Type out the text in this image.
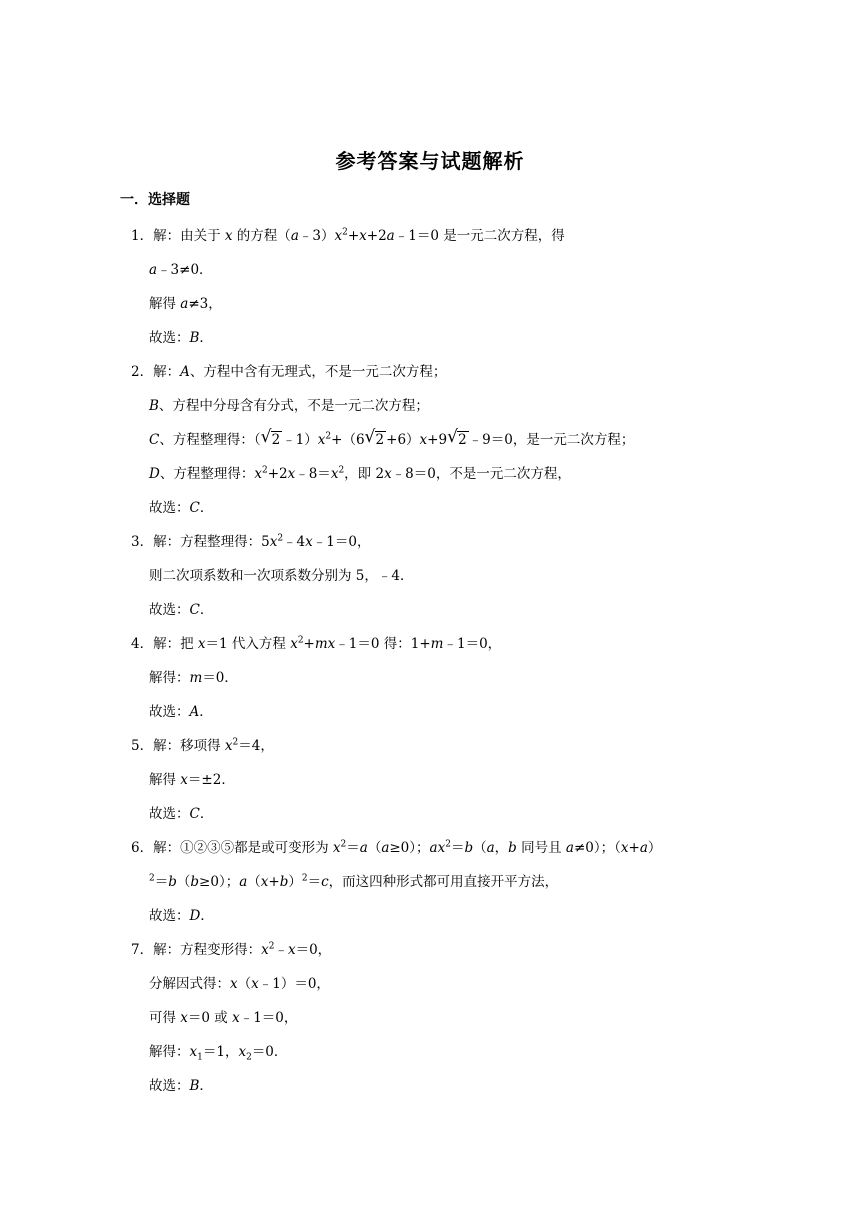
参考答案与试题解析
一．选择题
1．解：由关于 x 的方程$(a﹣3)x^2+x+2a﹣1=0$ 是一元二次方程，得
a﹣3≠0．
解得 a≠3，
故选：B．
2．解：A、方程中含有无理式，不是一元二次方程；
B、方程中分母含有分式，不是一元二次方程；
C、方程整理得：（ √ 2 $﹣1)x^2+(6$ √ 2 +6）x+9 √ 2 ﹣9＝0，是一元二次方程；
D、方程整理得：$x^2+2x﹣8=x^2$，即 2x﹣8＝0，不是一元二次方程，
故选：C．
3．解：方程整理得：$5x^2﹣4x﹣1=0$，
则二次项系数和一次项系数分别为 5，﹣4．
故选：C．
4．解：把 x＝1 代入方程 $x^2+mx﹣1=0$ 得：1+m﹣1＝0，
解得：m＝0．
故选：A．
5．解：移项得 $x^2=4$，
解得 x＝±2．
故选：C．
6．解：①②③⑤都是或可变形为 $x^2=a(a\ge 0)$；$ax^2=b(a$，b 同号且 a≠0）；（x+a）
$^2$＝b（b≥0）；$a(x+b)^2=c$，而这四种形式都可用直接开平方法，
故选：D．
7．解：方程变形得：$x^2﹣x=0$，
分解因式得：x（x﹣1）＝0，
可得 x＝0 或 x﹣1＝0，
解得：$x_1=1$，$x_2=0$．
故选：B．
